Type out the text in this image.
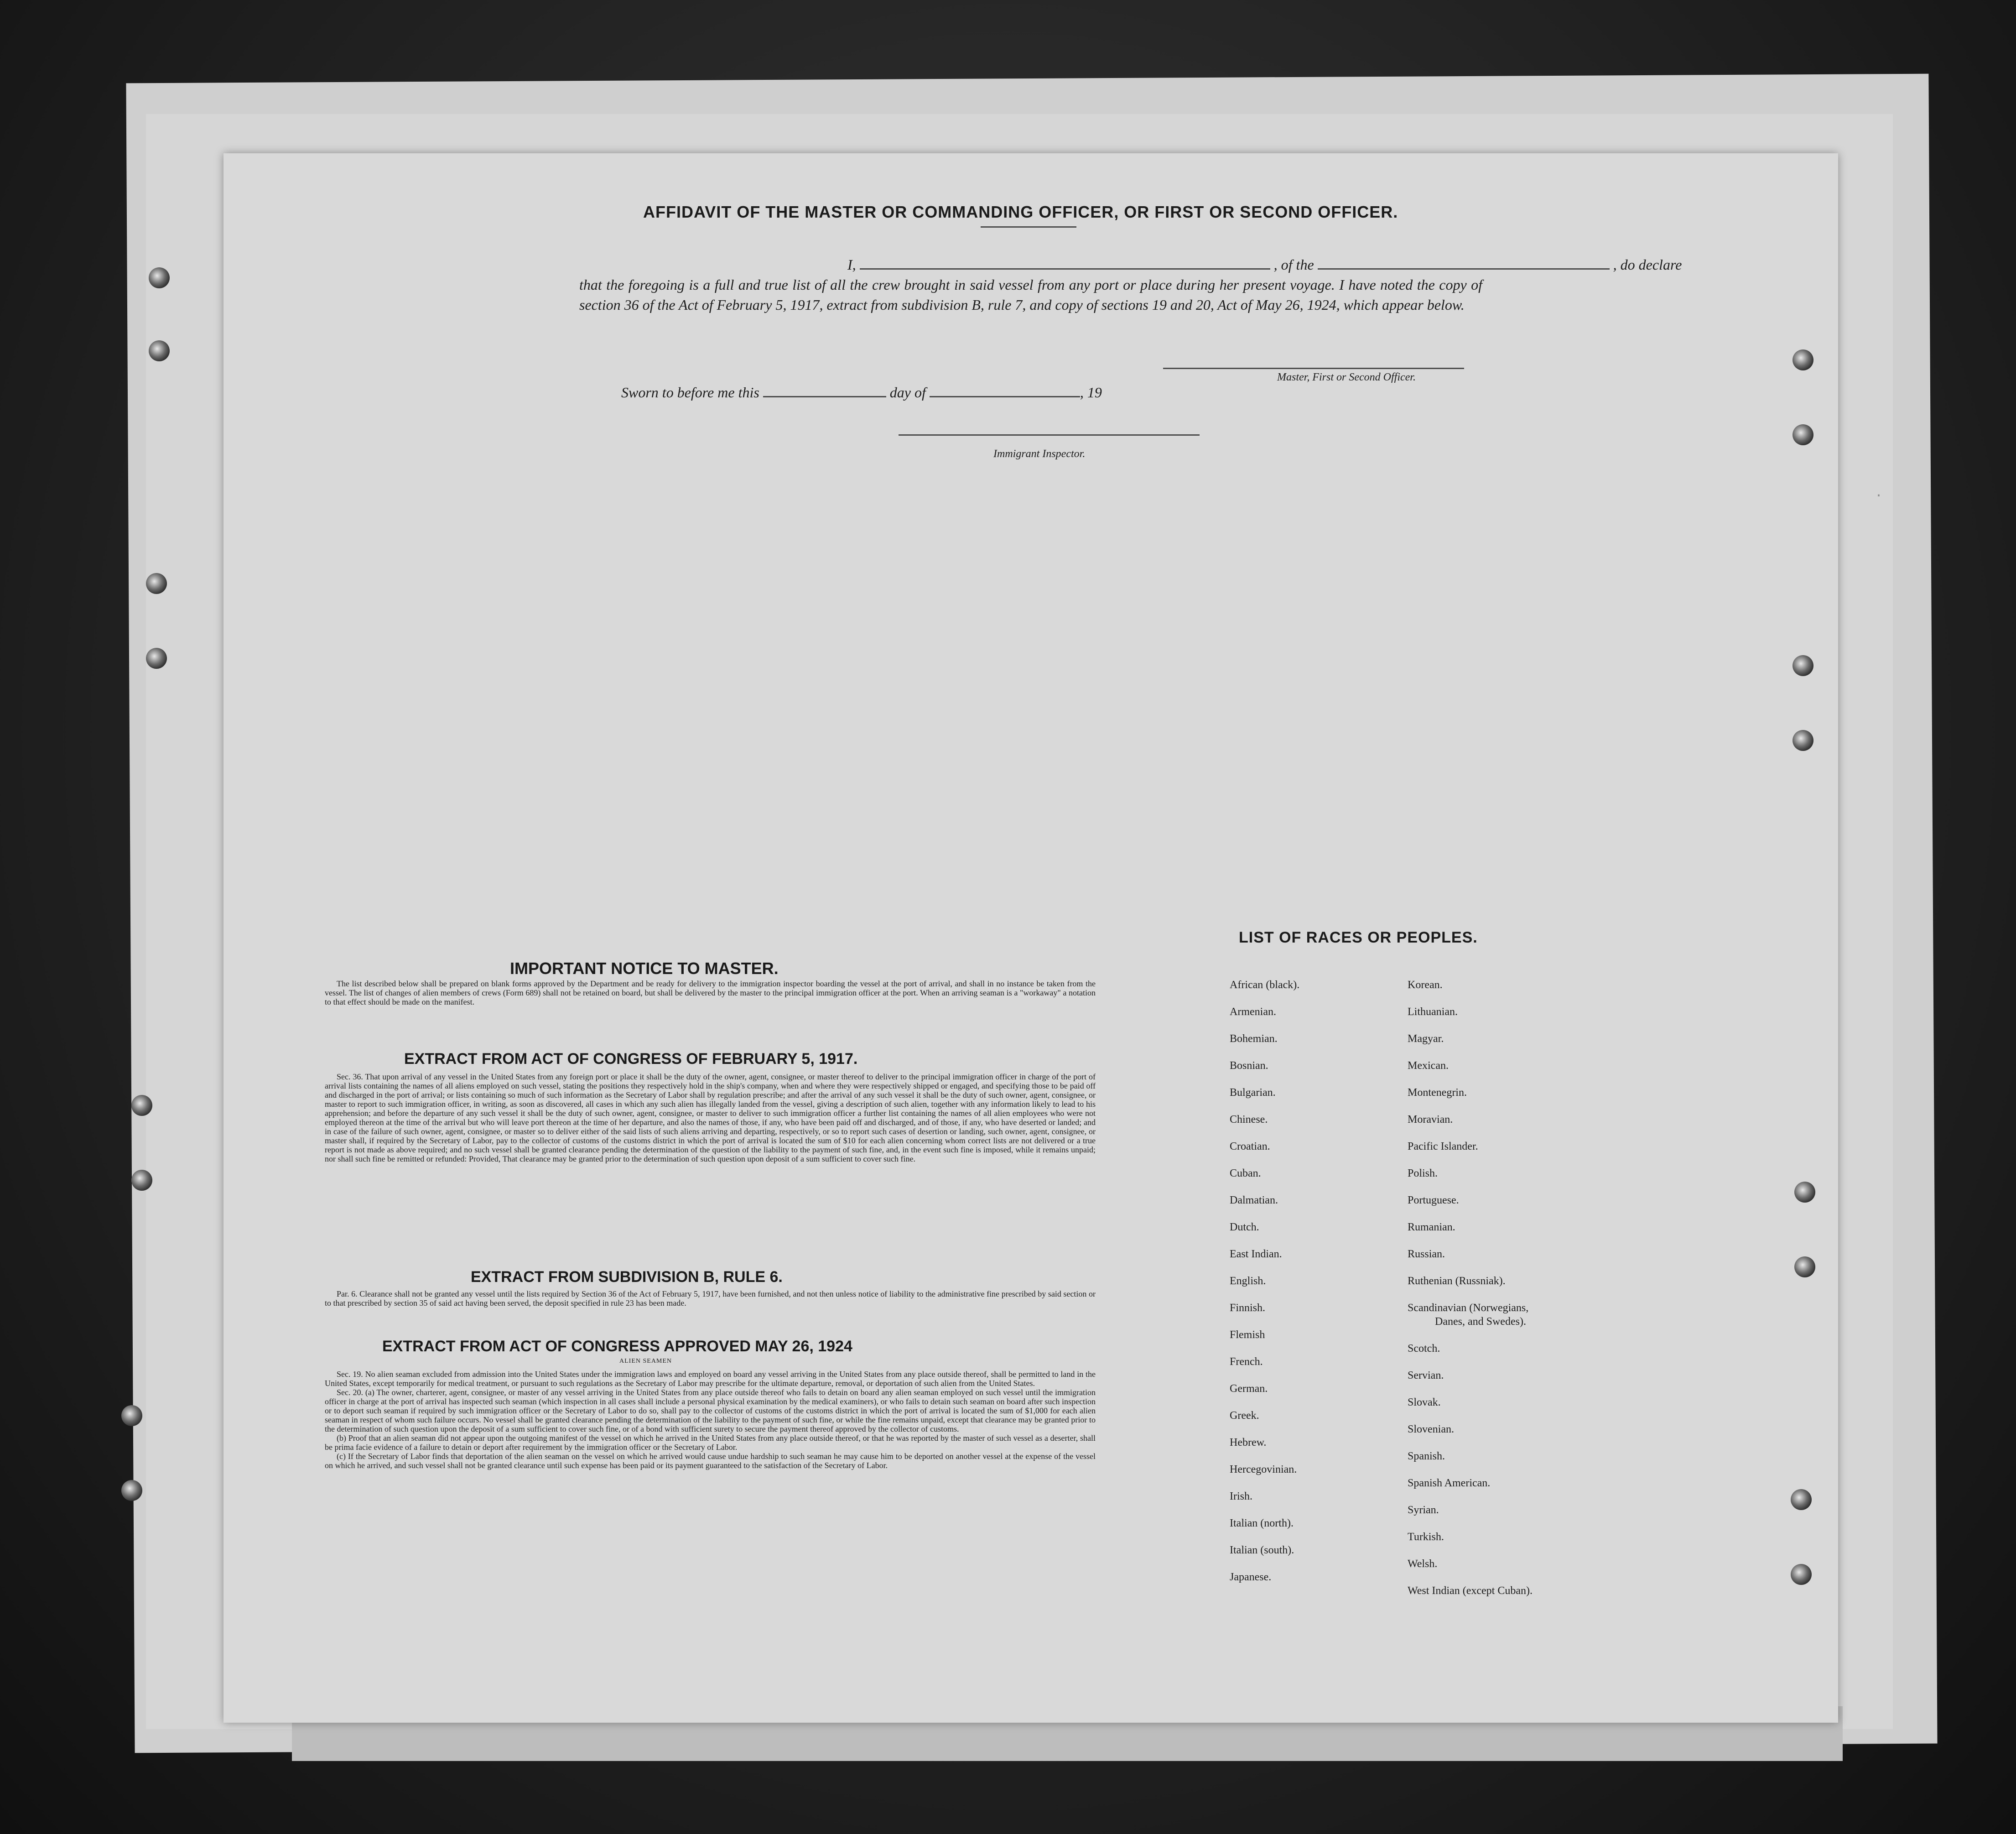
·
AFFIDAVIT OF THE MASTER OR COMMANDING OFFICER, OR FIRST OR SECOND OFFICER.
I,	, of the	, do declare
that the foregoing is a full and true list of all the crew brought in said vessel from any port or place during her present voyage. I have noted the copy of section 36 of the Act of February 5, 1917, extract from subdivision B, rule 7, and copy of sections 19 and 20, Act of May 26, 1924, which appear below.
Master, First or Second Officer.
Sworn to before me this	day of	, 19
Immigrant Inspector.
IMPORTANT NOTICE TO MASTER.

The list described below shall be prepared on blank forms approved by the Department and be ready for delivery to the immigration inspector boarding the vessel at the port of arrival, and shall in no instance be taken from the vessel. The list of changes of alien members of crews (Form 689) shall not be retained on board, but shall be delivered by the master to the principal immigration officer at the port. When an arriving seaman is a "workaway" a notation to that effect should be made on the manifest.

EXTRACT FROM ACT OF CONGRESS OF FEBRUARY 5, 1917.

Sec. 36. That upon arrival of any vessel in the United States from any foreign port or place it shall be the duty of the owner, agent, consignee, or master thereof to deliver to the principal immigration officer in charge of the port of arrival lists containing the names of all aliens employed on such vessel, stating the positions they respectively hold in the ship's company, when and where they were respectively shipped or engaged, and specifying those to be paid off and discharged in the port of arrival; or lists containing so much of such information as the Secretary of Labor shall by regulation prescribe; and after the arrival of any such vessel it shall be the duty of such owner, agent, consignee, or master to report to such immigration officer, in writing, as soon as discovered, all cases in which any such alien has illegally landed from the vessel, giving a description of such alien, together with any information likely to lead to his apprehension; and before the departure of any such vessel it shall be the duty of such owner, agent, consignee, or master to deliver to such immigration officer a further list containing the names of all alien employees who were not employed thereon at the time of the arrival but who will leave port thereon at the time of her departure, and also the names of those, if any, who have been paid off and discharged, and of those, if any, who have deserted or landed; and in case of the failure of such owner, agent, consignee, or master so to deliver either of the said lists of such aliens arriving and departing, respectively, or so to report such cases of desertion or landing, such owner, agent, consignee, or master shall, if required by the Secretary of Labor, pay to the collector of customs of the customs district in which the port of arrival is located the sum of $10 for each alien concerning whom correct lists are not delivered or a true report is not made as above required; and no such vessel shall be granted clearance pending the determination of the question of the liability to the payment of such fine, and, in the event such fine is imposed, while it remains unpaid; nor shall such fine be remitted or refunded: Provided, That clearance may be granted prior to the determination of such question upon deposit of a sum sufficient to cover such fine.

EXTRACT FROM SUBDIVISION B, RULE 6.

Par. 6. Clearance shall not be granted any vessel until the lists required by Section 36 of the Act of February 5, 1917, have been furnished, and not then unless notice of liability to the administrative fine prescribed by said section or to that prescribed by section 35 of said act having been served, the deposit specified in rule 23 has been made.

EXTRACT FROM ACT OF CONGRESS APPROVED MAY 26, 1924
ALIEN SEAMEN

Sec. 19. No alien seaman excluded from admission into the United States under the immigration laws and employed on board any vessel arriving in the United States from any place outside thereof, shall be permitted to land in the United States, except temporarily for medical treatment, or pursuant to such regulations as the Secretary of Labor may prescribe for the ultimate departure, removal, or deportation of such alien from the United States.

Sec. 20. (a) The owner, charterer, agent, consignee, or master of any vessel arriving in the United States from any place outside thereof who fails to detain on board any alien seaman employed on such vessel until the immigration officer in charge at the port of arrival has inspected such seaman (which inspection in all cases shall include a personal physical examination by the medical examiners), or who fails to detain such seaman on board after such inspection or to deport such seaman if required by such immigration officer or the Secretary of Labor to do so, shall pay to the collector of customs of the customs district in which the port of arrival is located the sum of $1,000 for each alien seaman in respect of whom such failure occurs. No vessel shall be granted clearance pending the determination of the liability to the payment of such fine, or while the fine remains unpaid, except that clearance may be granted prior to the determination of such question upon the deposit of a sum sufficient to cover such fine, or of a bond with sufficient surety to secure the payment thereof approved by the collector of customs.

(b) Proof that an alien seaman did not appear upon the outgoing manifest of the vessel on which he arrived in the United States from any place outside thereof, or that he was reported by the master of such vessel as a deserter, shall be prima facie evidence of a failure to detain or deport after requirement by the immigration officer or the Secretary of Labor.

(c) If the Secretary of Labor finds that deportation of the alien seaman on the vessel on which he arrived would cause undue hardship to such seaman he may cause him to be deported on another vessel at the expense of the vessel on which he arrived, and such vessel shall not be granted clearance until such expense has been paid or its payment guaranteed to the satisfaction of the Secretary of Labor.

LIST OF RACES OR PEOPLES.
African (black).
Armenian.
Bohemian.
Bosnian.
Bulgarian.
Chinese.
Croatian.
Cuban.
Dalmatian.
Dutch.
East Indian.
English.
Finnish.
Flemish
French.
German.
Greek.
Hebrew.
Hercegovinian.
Irish.
Italian (north).
Italian (south).
Japanese.
Korean.
Lithuanian.
Magyar.
Mexican.
Montenegrin.
Moravian.
Pacific Islander.
Polish.
Portuguese.
Rumanian.
Russian.
Ruthenian (Russniak).
Scandinavian (Norwegians,
Danes, and Swedes).
Scotch.
Servian.
Slovak.
Slovenian.
Spanish.
Spanish American.
Syrian.
Turkish.
Welsh.
West Indian (except Cuban).
